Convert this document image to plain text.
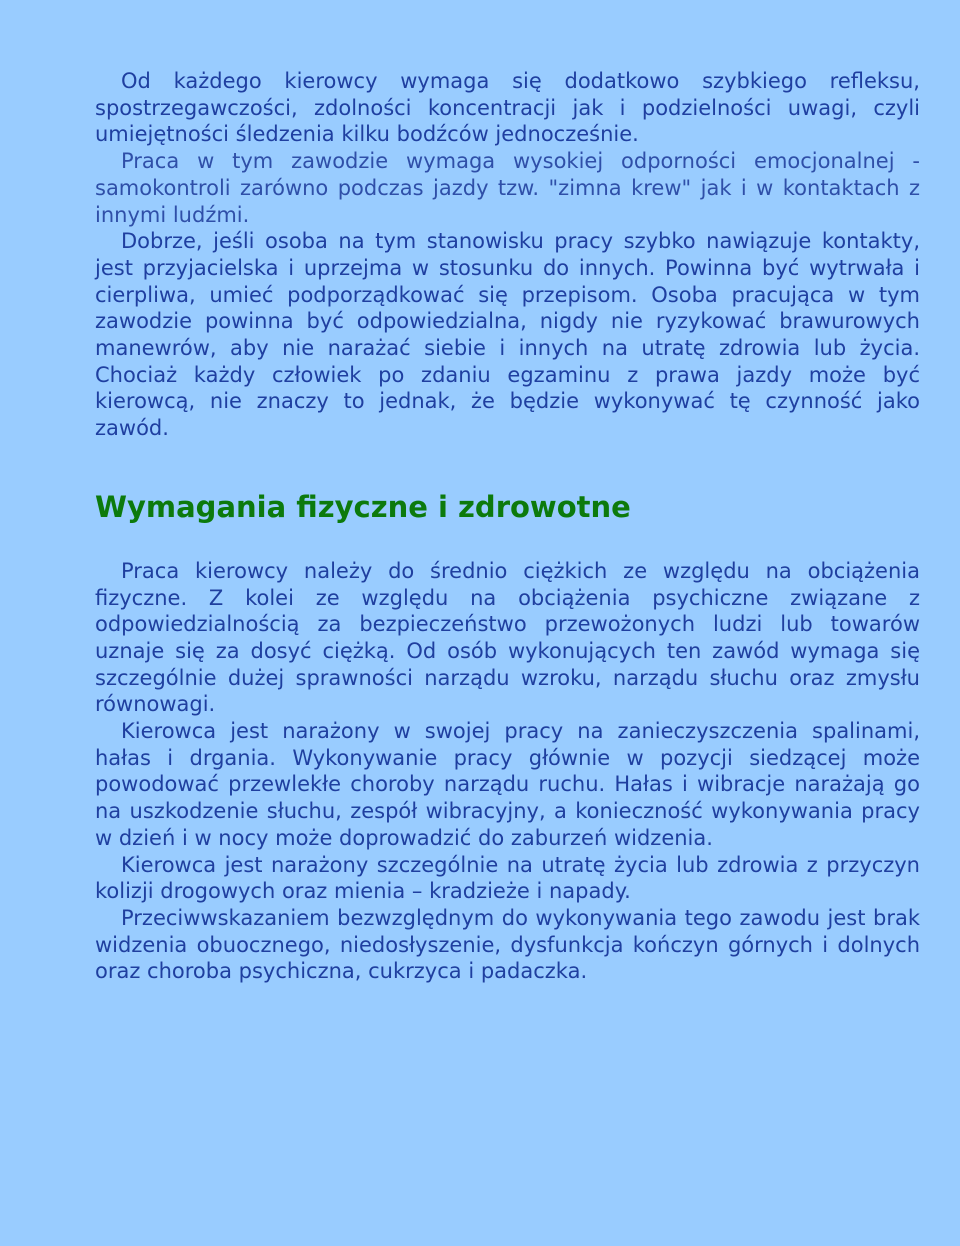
Od każdego kierowcy wymaga się dodatkowo szybkiego refleksu, spostrzegawczości, zdolności koncentracji jak i podzielności uwagi, czyli umiejętności śledzenia kilku bodźców jednocześnie.

Praca w tym zawodzie wymaga wysokiej odporności emocjonalnej - samokontroli zarówno podczas jazdy tzw. "zimna krew" jak i w kontaktach z innymi ludźmi.

Dobrze, jeśli osoba na tym stanowisku pracy szybko nawiązuje kontakty, jest przyjacielska i uprzejma w stosunku do innych. Powinna być wytrwała i cierpliwa, umieć podporządkować się przepisom. Osoba pracująca w tym zawodzie powinna być odpowiedzialna, nigdy nie ryzykować brawurowych manewrów, aby nie narażać siebie i innych na utratę zdrowia lub życia. Chociaż każdy człowiek po zdaniu egzaminu z prawa jazdy może być kierowcą, nie znaczy to jednak, że będzie wykonywać tę czynność jako zawód.

Wymagania fizyczne i zdrowotne

Praca kierowcy należy do średnio ciężkich ze względu na obciążenia fizyczne. Z kolei ze względu na obciążenia psychiczne związane z odpowiedzialnością za bezpieczeństwo przewożonych ludzi lub towarów uznaje się za dosyć ciężką. Od osób wykonujących ten zawód wymaga się szczególnie dużej sprawności narządu wzroku, narządu słuchu oraz zmysłu równowagi.

Kierowca jest narażony w swojej pracy na zanieczyszczenia spalinami, hałas i drgania. Wykonywanie pracy głównie w pozycji siedzącej może powodować przewlekłe choroby narządu ruchu. Hałas i wibracje narażają go na uszkodzenie słuchu, zespół wibracyjny, a konieczność wykonywania pracy w dzień i w nocy może doprowadzić do zaburzeń widzenia.

Kierowca jest narażony szczególnie na utratę życia lub zdrowia z przyczyn kolizji drogowych oraz mienia – kradzieże i napady.

Przeciwwskazaniem bezwzględnym do wykonywania tego zawodu jest brak widzenia obuocznego, niedosłyszenie, dysfunkcja kończyn górnych i dolnych oraz choroba psychiczna, cukrzyca i padaczka.
